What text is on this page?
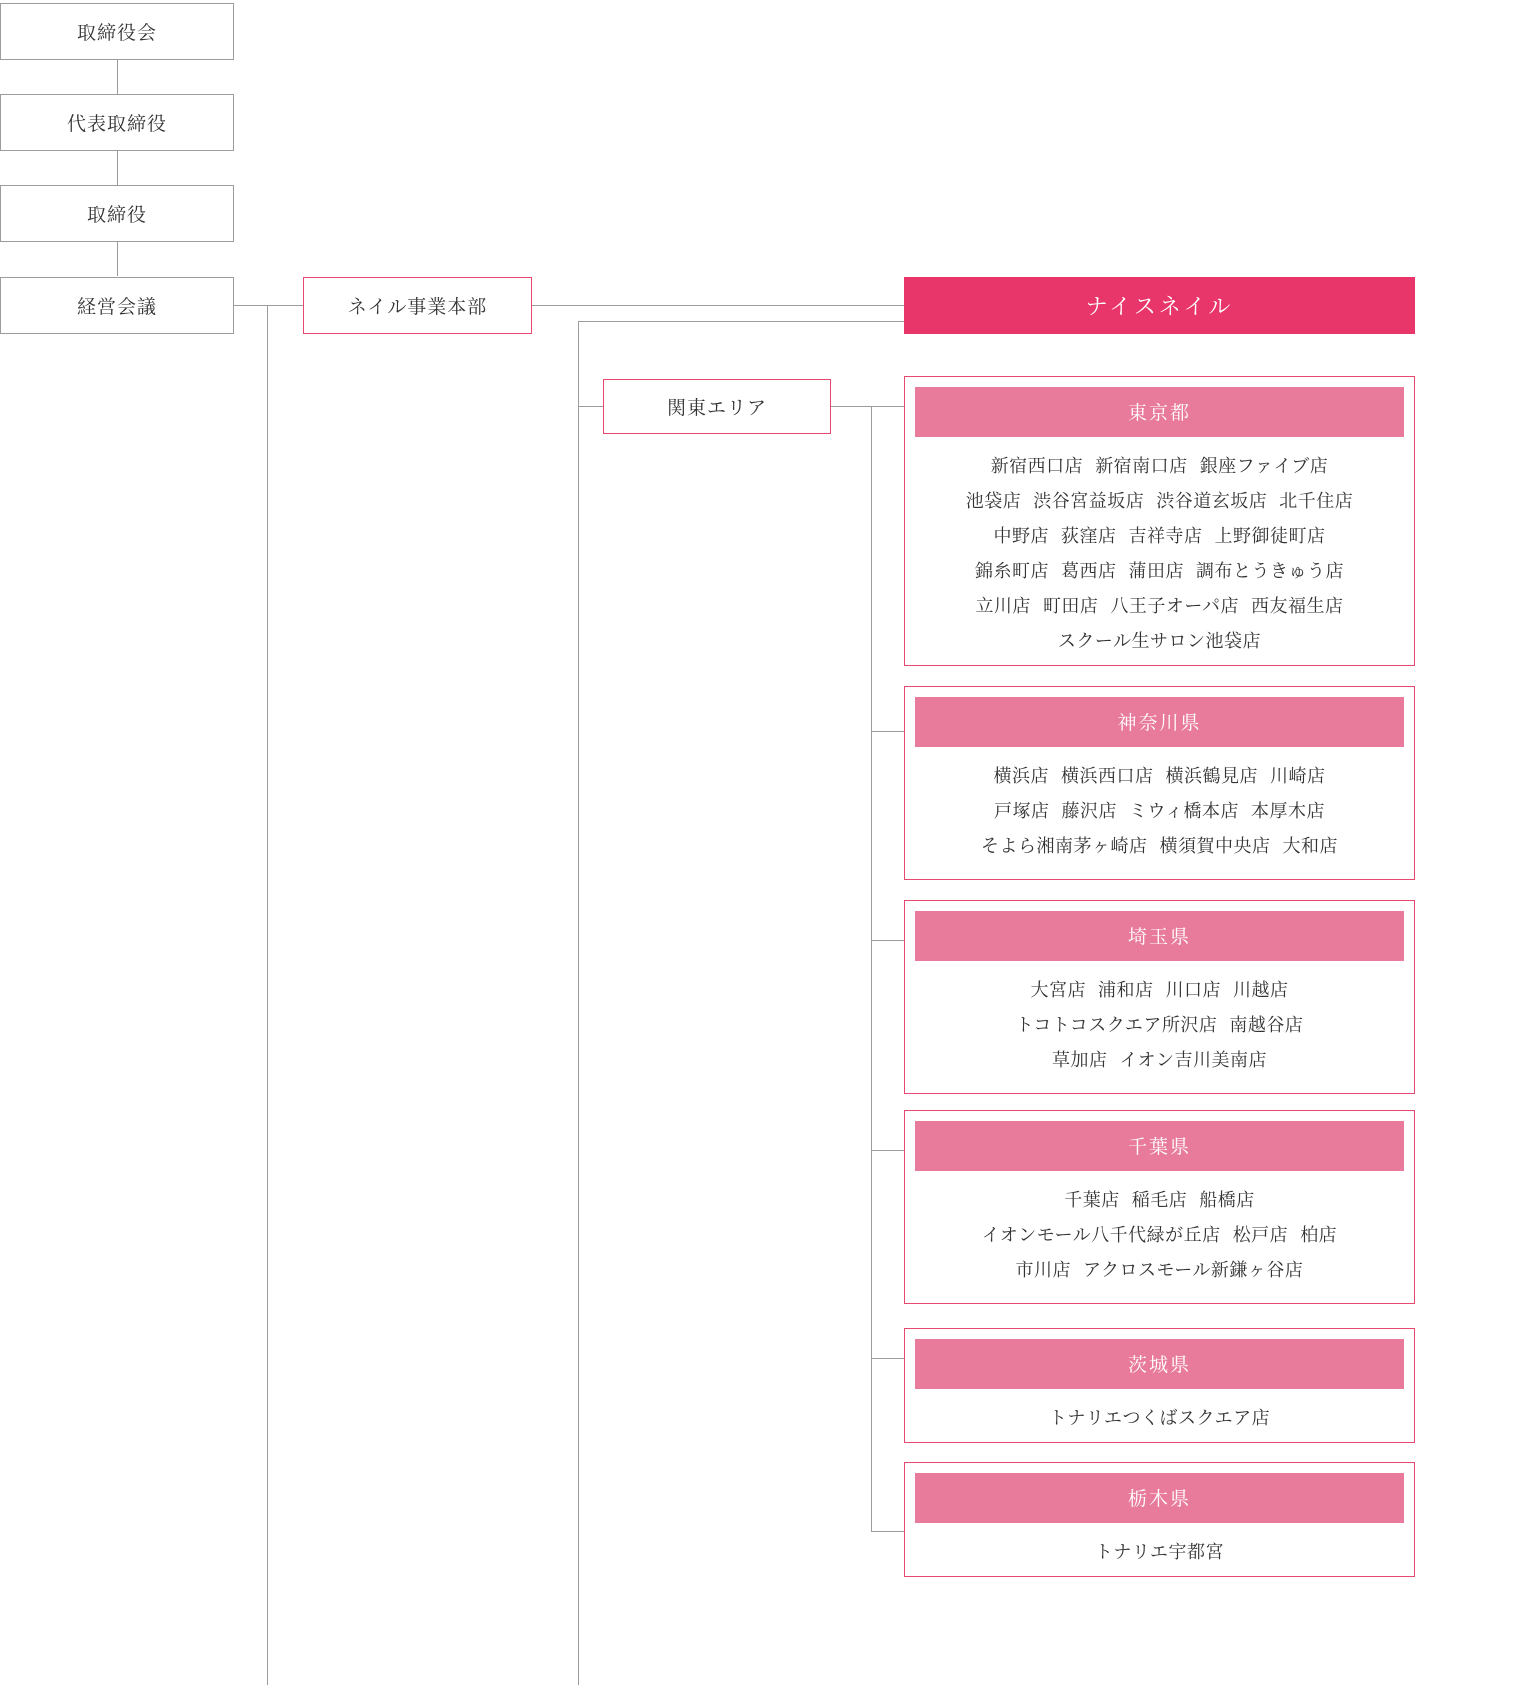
取締役会
代表取締役
取締役
経営会議	ネイル事業本部	ナイスネイル
関東エリア	東京都
新宿西口店 新宿南口店 銀座ファイブ店
池袋店 渋谷宮益坂店 渋谷道玄坂店 北千住店
中野店 荻窪店 吉祥寺店 上野御徒町店
錦糸町店 葛西店 蒲田店 調布とうきゅう店
立川店 町田店 八王子オーパ店 西友福生店
スクール生サロン池袋店
神奈川県
横浜店 横浜西口店 横浜鶴見店 川崎店
戸塚店 藤沢店 ミウィ橋本店 本厚木店
そよら湘南茅ヶ崎店 横須賀中央店 大和店
埼玉県
大宮店 浦和店 川口店 川越店
トコトコスクエア所沢店 南越谷店
草加店 イオン吉川美南店
千葉県
千葉店 稲毛店 船橋店
イオンモール八千代緑が丘店 松戸店 柏店
市川店 アクロスモール新鎌ヶ谷店
茨城県
トナリエつくばスクエア店
栃木県
トナリエ宇都宮
